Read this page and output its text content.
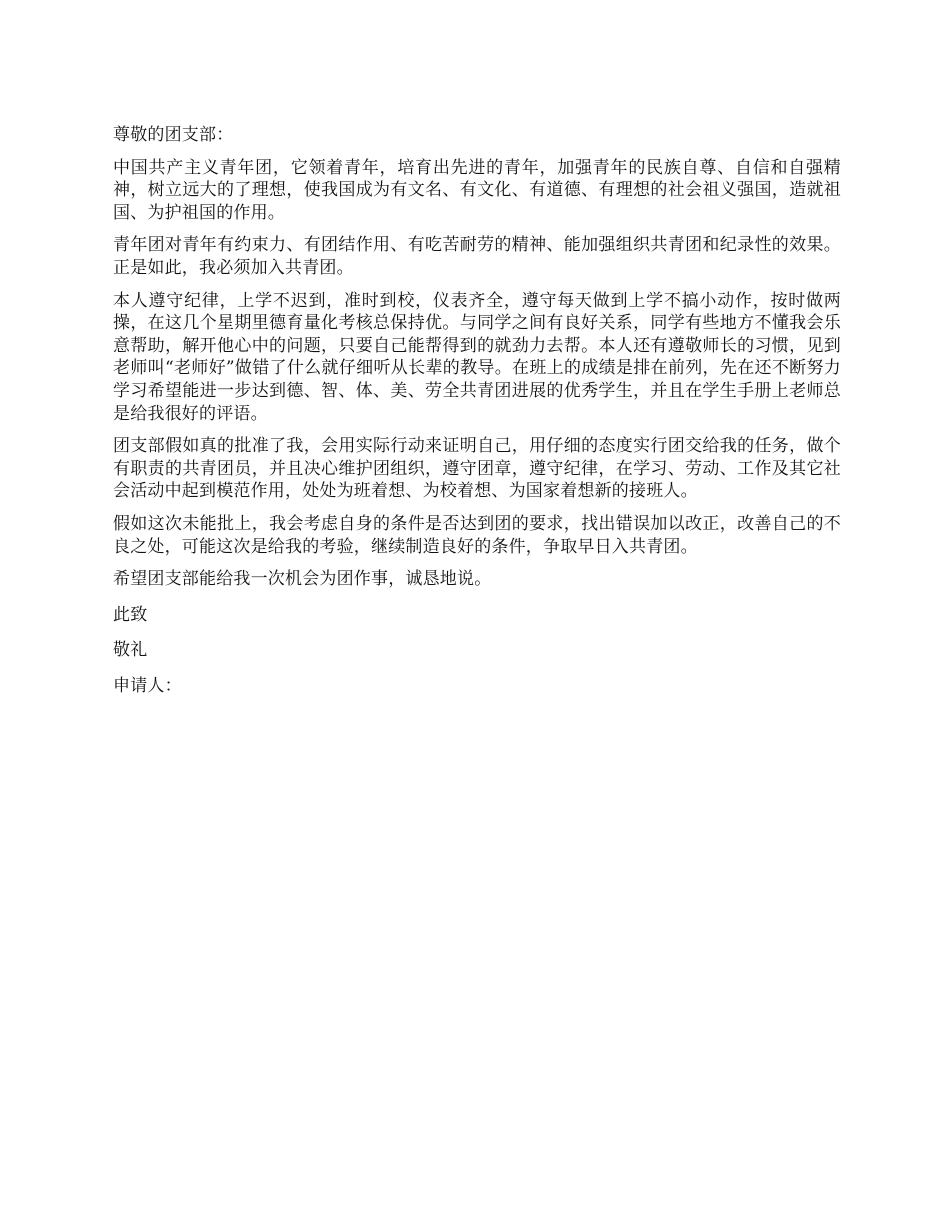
尊敬的团支部：

中国共产主义青年团，它领着青年，培育出先进的青年，加强青年的民族自尊、自信和自强精神，树立远大的了理想，使我国成为有文名、有文化、有道德、有理想的社会祖义强国，造就祖国、为护祖国的作用。

青年团对青年有约束力、有团结作用、有吃苦耐劳的精神、能加强组织共青团和纪录性的效果。正是如此，我必须加入共青团。

本人遵守纪律，上学不迟到，准时到校，仪表齐全，遵守每天做到上学不搞小动作，按时做两操，在这几个星期里德育量化考核总保持优。与同学之间有良好关系，同学有些地方不懂我会乐意帮助，解开他心中的问题，只要自己能帮得到的就劲力去帮。本人还有遵敬师长的习惯，见到老师叫“老师好”做错了什么就仔细听从长辈的教导。在班上的成绩是排在前列，先在还不断努力学习希望能进一步达到德、智、体、美、劳全共青团进展的优秀学生，并且在学生手册上老师总是给我很好的评语。

团支部假如真的批准了我，会用实际行动来证明自己，用仔细的态度实行团交给我的任务，做个有职责的共青团员，并且决心维护团组织，遵守团章，遵守纪律，在学习、劳动、工作及其它社会活动中起到模范作用，处处为班着想、为校着想、为国家着想新的接班人。

假如这次未能批上，我会考虑自身的条件是否达到团的要求，找出错误加以改正，改善自己的不良之处，可能这次是给我的考验，继续制造良好的条件，争取早日入共青团。

希望团支部能给我一次机会为团作事，诚恳地说。

此致

敬礼

申请人：
